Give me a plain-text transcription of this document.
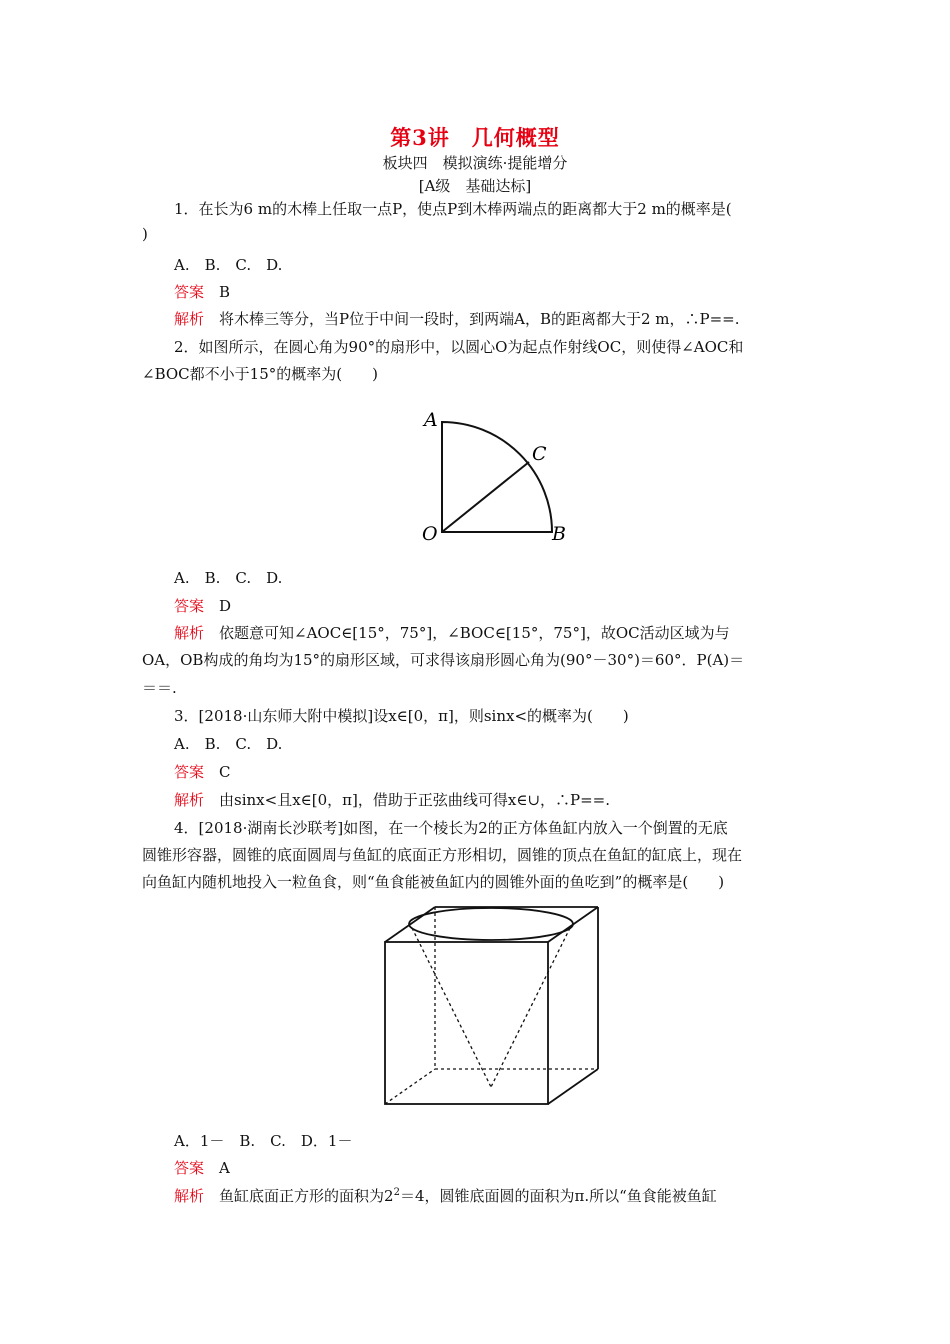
第3讲　几何概型
板块四　模拟演练·提能增分
[A级　基础达标]
1．在长为6 m的木棒上任取一点P，使点P到木棒两端点的距离都大于2 m的概率是(
)
A.　B.　C.　D.
答案　 B
解析　 将木棒三等分，当P位于中间一段时，到两端A，B的距离都大于2 m，∴P==.
2．如图所示，在圆心角为90°的扇形中，以圆心O为起点作射线OC，则使得∠AOC和
∠BOC都不小于15°的概率为(　　)
A
C
O	B
A.　B.　C.　D.
答案　 D
解析　 依题意可知∠AOC∈[15°，75°]，∠BOC∈[15°，75°]，故OC活动区域为与
OA，OB构成的角均为15°的扇形区域，可求得该扇形圆心角为(90°－30°)＝60°．P(A)＝
＝＝.
3．[2018·山东师大附中模拟]设x∈[0，π]，则sinx<的概率为(　　)
A.　B.　C.　D.
答案　 C
解析　 由sinx<且x∈[0，π]，借助于正弦曲线可得x∈∪，∴P==.
4．[2018·湖南长沙联考]如图，在一个棱长为2的正方体鱼缸内放入一个倒置的无底
圆锥形容器，圆锥的底面圆周与鱼缸的底面正方形相切，圆锥的顶点在鱼缸的缸底上，现在
向鱼缸内随机地投入一粒鱼食，则“鱼食能被鱼缸内的圆锥外面的鱼吃到”的概率是(　　)
A．1－　B.　C.　D．1－
答案　 A
解析　 鱼缸底面正方形的面积为$2^2=4$，圆锥底面圆的面积为π.所以“鱼食能被鱼缸
